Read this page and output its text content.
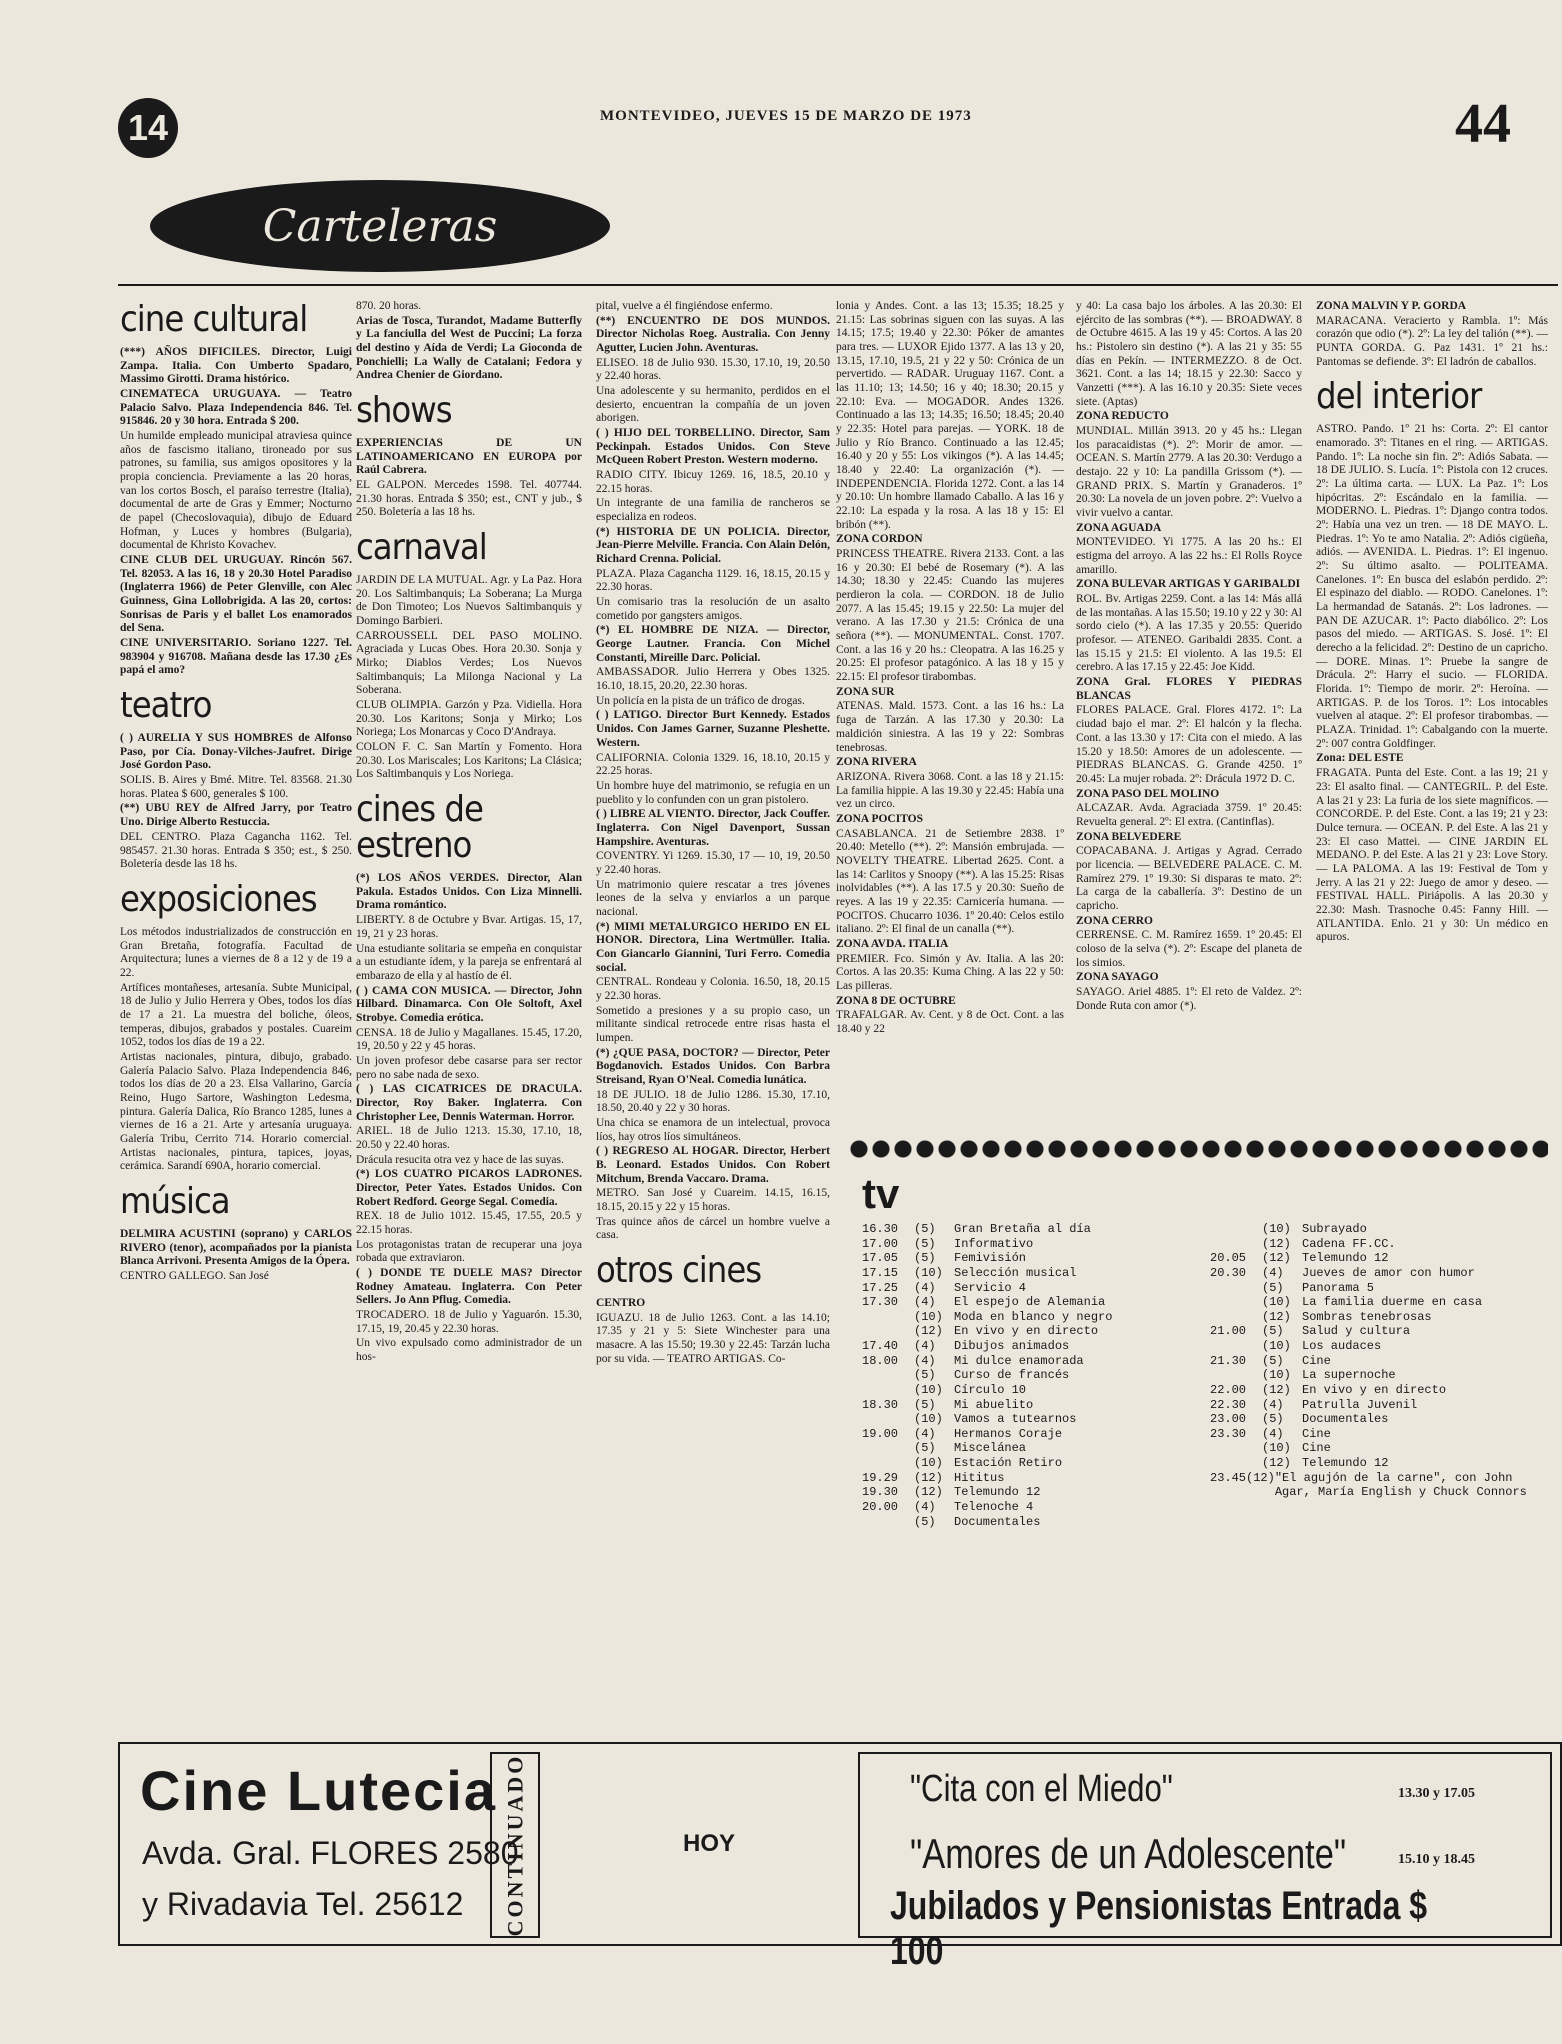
14	MONTEVIDEO, JUEVES 15 DE MARZO DE 1973	44
Carteleras
cine cultural

(***) AÑOS DIFICILES. Director, Luigi Zampa. Italia. Con Umberto Spadaro, Massimo Girotti. Drama histórico.

CINEMATECA URUGUAYA. — Teatro Palacio Salvo. Plaza Independencia 846. Tel. 915846. 20 y 30 hora. Entrada $ 200.

Un humilde empleado municipal atraviesa quince años de fascismo italiano, tironeado por sus patrones, su familia, sus amigos opositores y la propia conciencia. Previamente a las 20 horas, van los cortos Bosch, el paraíso terrestre (Italia), documental de arte de Gras y Emmer; Nocturno de papel (Checoslovaquia), dibujo de Eduard Hofman, y Luces y hombres (Bulgaria), documental de Khristo Kovachev.

CINE CLUB DEL URUGUAY. Rincón 567. Tel. 82053. A las 16, 18 y 20.30 Hotel Paradiso (Inglaterra 1966) de Peter Glenville, con Alec Guinness, Gina Lollobrigida. A las 20, cortos: Sonrisas de Paris y el ballet Los enamorados del Sena.

CINE UNIVERSITARIO. Soriano 1227. Tel. 983904 y 916708. Mañana desde las 17.30 ¿Es papá el amo?

teatro

( ) AURELIA Y SUS HOMBRES de Alfonso Paso, por Cía. Donay-Vilches-Jaufret. Dirige José Gordon Paso.

SOLIS. B. Aires y Bmé. Mitre. Tel. 83568. 21.30 horas. Platea $ 600, generales $ 100.

(**) UBU REY de Alfred Jarry, por Teatro Uno. Dirige Alberto Restuccia.

DEL CENTRO. Plaza Cagancha 1162. Tel. 985457. 21.30 horas. Entrada $ 350; est., $ 250. Boletería desde las 18 hs.

exposiciones

Los métodos industrializados de construcción en Gran Bretaña, fotografía. Facultad de Arquitectura; lunes a viernes de 8 a 12 y de 19 a 22.

Artífices montañeses, artesanía. Subte Municipal, 18 de Julio y Julio Herrera y Obes, todos los días de 17 a 21. La muestra del boliche, óleos, temperas, dibujos, grabados y postales. Cuareim 1052, todos los días de 19 a 22.

Artistas nacionales, pintura, dibujo, grabado. Galería Palacio Salvo. Plaza Independencia 846, todos los días de 20 a 23. Elsa Vallarino, García Reino, Hugo Sartore, Washington Ledesma, pintura. Galería Dalica, Río Branco 1285, lunes a viernes de 16 a 21. Arte y artesanía uruguaya. Galería Tribu, Cerrito 714. Horario comercial. Artistas nacionales, pintura, tapices, joyas, cerámica. Sarandí 690A, horario comercial.

música

DELMIRA ACUSTINI (soprano) y CARLOS RIVERO (tenor), acompañados por la pianista Blanca Arrivoni. Presenta Amigos de la Ópera.

CENTRO GALLEGO. San José

870. 20 horas.

Arias de Tosca, Turandot, Madame Butterfly y La fanciulla del West de Puccini; La forza del destino y Aída de Verdi; La Gioconda de Ponchielli; La Wally de Catalani; Fedora y Andrea Chenier de Giordano.

shows

EXPERIENCIAS DE UN LATINOAMERICANO EN EUROPA por Raúl Cabrera.

EL GALPON. Mercedes 1598. Tel. 407744. 21.30 horas. Entrada $ 350; est., CNT y jub., $ 250. Boletería a las 18 hs.

carnaval

JARDIN DE LA MUTUAL. Agr. y La Paz. Hora 20. Los Saltimbanquis; La Soberana; La Murga de Don Timoteo; Los Nuevos Saltimbanquis y Domingo Barbieri.

CARROUSSELL DEL PASO MOLINO. Agraciada y Lucas Obes. Hora 20.30. Sonja y Mirko; Diablos Verdes; Los Nuevos Saltimbanquis; La Milonga Nacional y La Soberana.

CLUB OLIMPIA. Garzón y Pza. Vidiella. Hora 20.30. Los Karitons; Sonja y Mirko; Los Noriega; Los Monarcas y Coco D'Andraya.

COLON F. C. San Martín y Fomento. Hora 20.30. Los Mariscales; Los Karitons; La Clásica; Los Saltimbanquis y Los Noriega.

cines de estreno

(*) LOS AÑOS VERDES. Director, Alan Pakula. Estados Unidos. Con Liza Minnelli. Drama romántico.

LIBERTY. 8 de Octubre y Bvar. Artigas. 15, 17, 19, 21 y 23 horas.

Una estudiante solitaria se empeña en conquistar a un estudiante ídem, y la pareja se enfrentará al embarazo de ella y al hastío de él.

( ) CAMA CON MUSICA. — Director, John Hilbard. Dinamarca. Con Ole Soltoft, Axel Strobye. Comedia erótica.

CENSA. 18 de Julio y Magallanes. 15.45, 17.20, 19, 20.50 y 22 y 45 horas.

Un joven profesor debe casarse para ser rector pero no sabe nada de sexo.

( ) LAS CICATRICES DE DRACULA. Director, Roy Baker. Inglaterra. Con Christopher Lee, Dennis Waterman. Horror.

ARIEL. 18 de Julio 1213. 15.30, 17.10, 18, 20.50 y 22.40 horas.

Drácula resucita otra vez y hace de las suyas.

(*) LOS CUATRO PICAROS LADRONES. Director, Peter Yates. Estados Unidos. Con Robert Redford. George Segal. Comedia.

REX. 18 de Julio 1012. 15.45, 17.55, 20.5 y 22.15 horas.

Los protagonistas tratan de recuperar una joya robada que extraviaron.

( ) DONDE TE DUELE MAS? Director Rodney Amateau. Inglaterra. Con Peter Sellers. Jo Ann Pflug. Comedia.

TROCADERO. 18 de Julio y Yaguarón. 15.30, 17.15, 19, 20.45 y 22.30 horas.

Un vivo expulsado como administrador de un hos-

pital, vuelve a él fingiéndose enfermo.

(**) ENCUENTRO DE DOS MUNDOS. Director Nicholas Roeg. Australia. Con Jenny Agutter, Lucien John. Aventuras.

ELISEO. 18 de Julio 930. 15.30, 17.10, 19, 20.50 y 22.40 horas.

Una adolescente y su hermanito, perdidos en el desierto, encuentran la compañía de un joven aborigen.

( ) HIJO DEL TORBELLINO. Director, Sam Peckinpah. Estados Unidos. Con Steve McQueen Robert Preston. Western moderno.

RADIO CITY. Ibicuy 1269. 16, 18.5, 20.10 y 22.15 horas.

Un integrante de una familia de rancheros se especializa en rodeos.

(*) HISTORIA DE UN POLICIA. Director, Jean-Pierre Melville. Francia. Con Alain Delón, Richard Crenna. Policial.

PLAZA. Plaza Cagancha 1129. 16, 18.15, 20.15 y 22.30 horas.

Un comisario tras la resolución de un asalto cometido por gangsters amigos.

(*) EL HOMBRE DE NIZA. — Director, George Lautner. Francia. Con Michel Constanti, Mireille Darc. Policial.

AMBASSADOR. Julio Herrera y Obes 1325. 16.10, 18.15, 20.20, 22.30 horas.

Un policía en la pista de un tráfico de drogas.

( ) LATIGO. Director Burt Kennedy. Estados Unidos. Con James Garner, Suzanne Pleshette. Western.

CALIFORNIA. Colonia 1329. 16, 18.10, 20.15 y 22.25 horas.

Un hombre huye del matrimonio, se refugia en un pueblito y lo confunden con un gran pistolero.

( ) LIBRE AL VIENTO. Director, Jack Couffer. Inglaterra. Con Nigel Davenport, Sussan Hampshire. Aventuras.

COVENTRY. Yi 1269. 15.30, 17 — 10, 19, 20.50 y 22.40 horas.

Un matrimonio quiere rescatar a tres jóvenes leones de la selva y enviarlos a un parque nacional.

(*) MIMI METALURGICO HERIDO EN EL HONOR. Directora, Lina Wertmüller. Italia. Con Giancarlo Giannini, Turi Ferro. Comedia social.

CENTRAL. Rondeau y Colonia. 16.50, 18, 20.15 y 22.30 horas.

Sometido a presiones y a su propio caso, un militante sindical retrocede entre risas hasta el lumpen.

(*) ¿QUE PASA, DOCTOR? — Director, Peter Bogdanovich. Estados Unidos. Con Barbra Streisand, Ryan O'Neal. Comedia lunática.

18 DE JULIO. 18 de Julio 1286. 15.30, 17.10, 18.50, 20.40 y 22 y 30 horas.

Una chica se enamora de un intelectual, provoca líos, hay otros líos simultáneos.

( ) REGRESO AL HOGAR. Director, Herbert B. Leonard. Estados Unidos. Con Robert Mitchum, Brenda Vaccaro. Drama.

METRO. San José y Cuareim. 14.15, 16.15, 18.15, 20.15 y 22 y 15 horas.

Tras quince años de cárcel un hombre vuelve a casa.

otros cines

CENTRO

IGUAZU. 18 de Julio 1263. Cont. a las 14.10; 17.35 y 21 y 5: Siete Winchester para una masacre. A las 15.50; 19.30 y 22.45: Tarzán lucha por su vida. — TEATRO ARTIGAS. Co-

lonia y Andes. Cont. a las 13; 15.35; 18.25 y 21.15: Las sobrinas siguen con las suyas. A las 14.15; 17.5; 19.40 y 22.30: Póker de amantes para tres. — LUXOR Ejido 1377. A las 13 y 20, 13.15, 17.10, 19.5, 21 y 22 y 50: Crónica de un pervertido. — RADAR. Uruguay 1167. Cont. a las 11.10; 13; 14.50; 16 y 40; 18.30; 20.15 y 22.10: Eva. — MOGADOR. Andes 1326. Continuado a las 13; 14.35; 16.50; 18.45; 20.40 y 22.35: Hotel para parejas. — YORK. 18 de Julio y Río Branco. Continuado a las 12.45; 16.40 y 20 y 55: Los vikingos (*). A las 14.45; 18.40 y 22.40: La organización (*). — INDEPENDENCIA. Florida 1272. Cont. a las 14 y 20.10: Un hombre llamado Caballo. A las 16 y 22.10: La espada y la rosa. A las 18 y 15: El bribón (**).

ZONA CORDON

PRINCESS THEATRE. Rivera 2133. Cont. a las 16 y 20.30: El bebé de Rosemary (*). A las 14.30; 18.30 y 22.45: Cuando las mujeres perdieron la cola. — CORDON. 18 de Julio 2077. A las 15.45; 19.15 y 22.50: La mujer del verano. A las 17.30 y 21.5: Crónica de una señora (**). — MONUMENTAL. Const. 1707. Cont. a las 16 y 20 hs.: Cleopatra. A las 16.25 y 20.25: El profesor patagónico. A las 18 y 15 y 22.15: El profesor tirabombas.

ZONA SUR

ATENAS. Mald. 1573. Cont. a las 16 hs.: La fuga de Tarzán. A las 17.30 y 20.30: La maldición siniestra. A las 19 y 22: Sombras tenebrosas.

ZONA RIVERA

ARIZONA. Rivera 3068. Cont. a las 18 y 21.15: La familia hippie. A las 19.30 y 22.45: Había una vez un circo.

ZONA POCITOS

CASABLANCA. 21 de Setiembre 2838. 1º 20.40: Metello (**). 2º: Mansión embrujada. — NOVELTY THEATRE. Libertad 2625. Cont. a las 14: Carlitos y Snoopy (**). A las 15.25: Risas inolvidables (**). A las 17.5 y 20.30: Sueño de reyes. A las 19 y 22.35: Carnicería humana. — POCITOS. Chucarro 1036. 1º 20.40: Celos estilo italiano. 2º: El final de un canalla (**).

ZONA AVDA. ITALIA

PREMIER. Fco. Simón y Av. Italia. A las 20: Cortos. A las 20.35: Kuma Ching. A las 22 y 50: Las pilleras.

ZONA 8 DE OCTUBRE

TRAFALGAR. Av. Cent. y 8 de Oct. Cont. a las 18.40 y 22

y 40: La casa bajo los árboles. A las 20.30: El ejército de las sombras (**). — BROADWAY. 8 de Octubre 4615. A las 19 y 45: Cortos. A las 20 hs.: Pistolero sin destino (*). A las 21 y 35: 55 días en Pekín. — INTERMEZZO. 8 de Oct. 3621. Cont. a las 14; 18.15 y 22.30: Sacco y Vanzetti (***). A las 16.10 y 20.35: Siete veces siete. (Aptas)

ZONA REDUCTO

MUNDIAL. Millán 3913. 20 y 45 hs.: Llegan los paracaidistas (*). 2º: Morir de amor. — OCEAN. S. Martín 2779. A las 20.30: Verdugo a destajo. 22 y 10: La pandilla Grissom (*). — GRAND PRIX. S. Martín y Granaderos. 1º 20.30: La novela de un joven pobre. 2º: Vuelvo a vivir vuelvo a cantar.

ZONA AGUADA

MONTEVIDEO. Yi 1775. A las 20 hs.: El estigma del arroyo. A las 22 hs.: El Rolls Royce amarillo.

ZONA BULEVAR ARTIGAS Y GARIBALDI

ROL. Bv. Artigas 2259. Cont. a las 14: Más allá de las montañas. A las 15.50; 19.10 y 22 y 30: Al sordo cielo (*). A las 17.35 y 20.55: Querido profesor. — ATENEO. Garibaldi 2835. Cont. a las 15.15 y 21.5: El violento. A las 19.5: El cerebro. A las 17.15 y 22.45: Joe Kidd.

ZONA Gral. FLORES Y PIEDRAS BLANCAS

FLORES PALACE. Gral. Flores 4172. 1º: La ciudad bajo el mar. 2º: El halcón y la flecha. Cont. a las 13.30 y 17: Cita con el miedo. A las 15.20 y 18.50: Amores de un adolescente. — PIEDRAS BLANCAS. G. Grande 4250. 1º 20.45: La mujer robada. 2º: Drácula 1972 D. C.

ZONA PASO DEL MOLINO

ALCAZAR. Avda. Agraciada 3759. 1º 20.45: Revuelta general. 2º: El extra. (Cantinflas).

ZONA BELVEDERE

COPACABANA. J. Artigas y Agrad. Cerrado por licencia. — BELVEDERE PALACE. C. M. Ramírez 279. 1º 19.30: Si disparas te mato. 2º: La carga de la caballería. 3º: Destino de un capricho.

ZONA CERRO

CERRENSE. C. M. Ramírez 1659. 1º 20.45: El coloso de la selva (*). 2º: Escape del planeta de los simios.

ZONA SAYAGO

SAYAGO. Ariel 4885. 1º: El reto de Valdez. 2º: Donde Ruta con amor (*).

ZONA MALVIN Y P. GORDA

MARACANA. Veracierto y Rambla. 1º: Más corazón que odio (*). 2º: La ley del talión (**). — PUNTA GORDA. G. Paz 1431. 1º 21 hs.: Pantomas se defiende. 3º: El ladrón de caballos.

del interior

ASTRO. Pando. 1º 21 hs: Corta. 2º: El cantor enamorado. 3º: Titanes en el ring. — ARTIGAS. Pando. 1º: La noche sin fin. 2º: Adiós Sabata. — 18 DE JULIO. S. Lucía. 1º: Pistola con 12 cruces. 2º: La última carta. — LUX. La Paz. 1º: Los hipócritas. 2º: Escándalo en la familia. — MODERNO. L. Piedras. 1º: Django contra todos. 2º: Había una vez un tren. — 18 DE MAYO. L. Piedras. 1º: Yo te amo Natalia. 2º: Adiós cigüeña, adiós. — AVENIDA. L. Piedras. 1º: El ingenuo. 2º: Su último asalto. — POLITEAMA. Canelones. 1º: En busca del eslabón perdido. 2º: El espinazo del diablo. — RODO. Canelones. 1º: La hermandad de Satanás. 2º: Los ladrones. — PAN DE AZUCAR. 1º: Pacto diabólico. 2º: Los pasos del miedo. — ARTIGAS. S. José. 1º: El derecho a la felicidad. 2º: Destino de un capricho. — DORE. Minas. 1º: Pruebe la sangre de Drácula. 2º: Harry el sucio. — FLORIDA. Florida. 1º: Tiempo de morir. 2º: Heroína. — ARTIGAS. P. de los Toros. 1º: Los intocables vuelven al ataque. 2º: El profesor tirabombas. — PLAZA. Trinidad. 1º: Cabalgando con la muerte. 2º: 007 contra Goldfinger.

Zona: DEL ESTE

FRAGATA. Punta del Este. Cont. a las 19; 21 y 23: El asalto final. — CANTEGRIL. P. del Este. A las 21 y 23: La furia de los siete magníficos. — CONCORDE. P. del Este. Cont. a las 19; 21 y 23: Dulce ternura. — OCEAN. P. del Este. A las 21 y 23: El caso Mattei. — CINE JARDIN EL MEDANO. P. del Este. A las 21 y 23: Love Story. — LA PALOMA. A las 19: Festival de Tom y Jerry. A las 21 y 22: Juego de amor y deseo. — FESTIVAL HALL. Piriápolis. A las 20.30 y 22.30: Mash. Trasnoche 0.45: Fanny Hill. — ATLANTIDA. Enlo. 21 y 30: Un médico en apuros.

tv
16.30	(5)	Gran Bretaña al día
17.00	(5)	Informativo
17.05	(5)	Femivisión
17.15	(10) Selección musical
17.25	(4)	Servicio 4
17.30	(4)	El espejo de Alemania
(10) Moda en blanco y negro
(12) En vivo y en directo
17.40	(4)	Dibujos animados
18.00	(4)	Mi dulce enamorada
(5)	Curso de francés
(10) Círculo 10
18.30	(5)	Mi abuelito
(10) Vamos a tutearnos
19.00	(4)	Hermanos Coraje
(5)	Miscelánea
(10) Estación Retiro
19.29	(12) Hititus
19.30	(12) Telemundo 12
20.00	(4)	Telenoche 4
(5)	Documentales
(10) Subrayado
(12) Cadena FF.CC.
20.05	(12) Telemundo 12
20.30	(4)	Jueves de amor con humor
(5)	Panorama 5
(10) La familia duerme en casa
(12) Sombras tenebrosas
21.00	(5)	Salud y cultura
(10) Los audaces
21.30	(5)	Cine
(10) La supernoche
22.00	(12) En vivo y en directo
22.30	(4)	Patrulla Juvenil
23.00	(5)	Documentales
23.30	(4)	Cine
(10) Cine
(12) Telemundo 12
23.45 (12) "El agujón de la carne", con John Agar, María English y Chuck Connors
Cine Lutecia
Avda. Gral. FLORES 2580
y Rivadavia Tel. 25612 CONTINUADO	HOY
"Cita con el Miedo"
"Amores de un Adolescente"
13.30 y 17.05
15.10 y 18.45
Jubilados y Pensionistas Entrada $ 100
